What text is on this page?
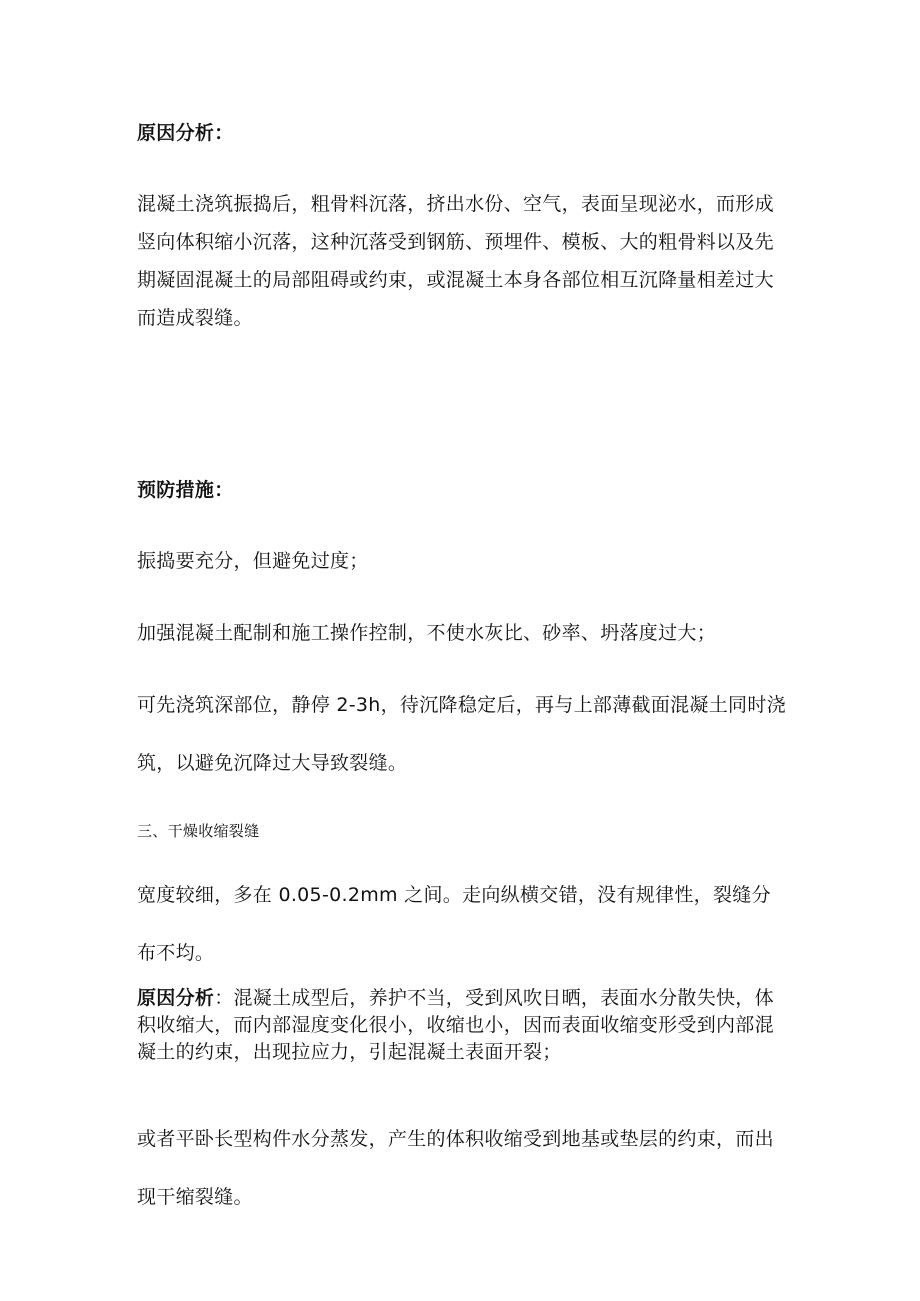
原因分析：

混凝土浇筑振捣后，粗骨料沉落，挤出水份、空气，表面呈现泌水，而形成竖向体积缩小沉落，这种沉落受到钢筋、预埋件、模板、大的粗骨料以及先期凝固混凝土的局部阻碍或约束，或混凝土本身各部位相互沉降量相差过大而造成裂缝。

预防措施：

振捣要充分，但避免过度；

加强混凝土配制和施工操作控制，不使水灰比、砂率、坍落度过大；

可先浇筑深部位，静停 2-3h，待沉降稳定后，再与上部薄截面混凝土同时浇筑，以避免沉降过大导致裂缝。

三、干燥收缩裂缝

宽度较细，多在 0.05-0.2mm 之间。走向纵横交错，没有规律性，裂缝分布不均。

原因分析：混凝土成型后，养护不当，受到风吹日晒，表面水分散失快，体积收缩大，而内部湿度变化很小，收缩也小，因而表面收缩变形受到内部混凝土的约束，出现拉应力，引起混凝土表面开裂；

或者平卧长型构件水分蒸发，产生的体积收缩受到地基或垫层的约束，而出现干缩裂缝。
